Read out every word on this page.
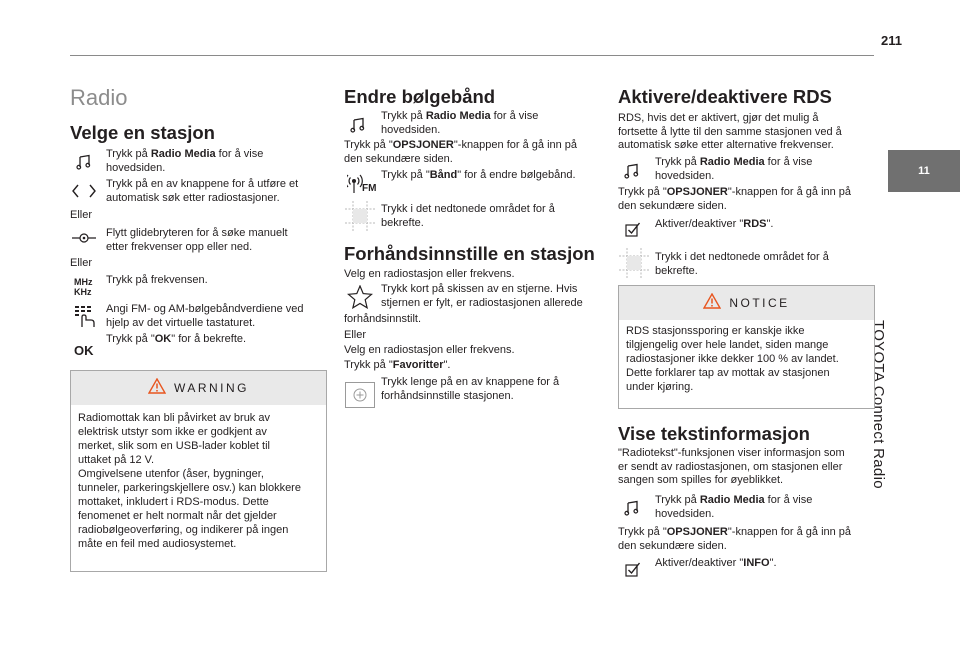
211
11
TOYOTA Connect Radio
Radio
Velge en stasjon
Trykk på Radio Media for å vise
hovedsiden.
Trykk på en av knappene for å utføre et
automatisk søk etter radiostasjoner.
Eller
Flytt glidebryteren for å søke manuelt
etter frekvenser opp eller ned.
Eller
MHz
KHz
Trykk på frekvensen.
Angi FM- og AM-bølgebåndverdiene ved
hjelp av det virtuelle tastaturet.
OK
Trykk på "OK" for å bekrefte.
WARNING
Radiomottak kan bli påvirket av bruk av
elektrisk utstyr som ikke er godkjent av
merket, slik som en USB-lader koblet til
uttaket på 12 V.
Omgivelsene utenfor (åser, bygninger,
tunneler, parkeringskjellere osv.) kan blokkere
mottaket, inkludert i RDS-modus. Dette
fenomenet er helt normalt når det gjelder
radiobølgeoverføring, og indikerer på ingen
måte en feil med audiosystemet.
Endre bølgebånd
Trykk på Radio Media for å vise
hovedsiden.
Trykk på "OPSJONER"-knappen for å gå inn på
den sekundære siden.
FM
Trykk på "Bånd" for å endre bølgebånd.
Trykk i det nedtonede området for å
bekrefte.
Forhåndsinnstille en stasjon
Velg en radiostasjon eller frekvens.
Trykk kort på skissen av en stjerne. Hvis
stjernen er fylt, er radiostasjonen allerede
forhåndsinnstilt.
Eller
Velg en radiostasjon eller frekvens.
Trykk på "Favoritter".
Trykk lenge på en av knappene for å
forhåndsinnstille stasjonen.
Aktivere/deaktivere RDS
RDS, hvis det er aktivert, gjør det mulig å
fortsette å lytte til den samme stasjonen ved å
automatisk søke etter alternative frekvenser.
Trykk på Radio Media for å vise
hovedsiden.
Trykk på "OPSJONER"-knappen for å gå inn på
den sekundære siden.
Aktiver/deaktiver "RDS".
Trykk i det nedtonede området for å
bekrefte.
NOTICE
RDS stasjonssporing er kanskje ikke
tilgjengelig over hele landet, siden mange
radiostasjoner ikke dekker 100 % av landet.
Dette forklarer tap av mottak av stasjonen
under kjøring.
Vise tekstinformasjon
"Radiotekst"-funksjonen viser informasjon som
er sendt av radiostasjonen, om stasjonen eller
sangen som spilles for øyeblikket.
Trykk på Radio Media for å vise
hovedsiden.
Trykk på "OPSJONER"-knappen for å gå inn på
den sekundære siden.
Aktiver/deaktiver "INFO".
